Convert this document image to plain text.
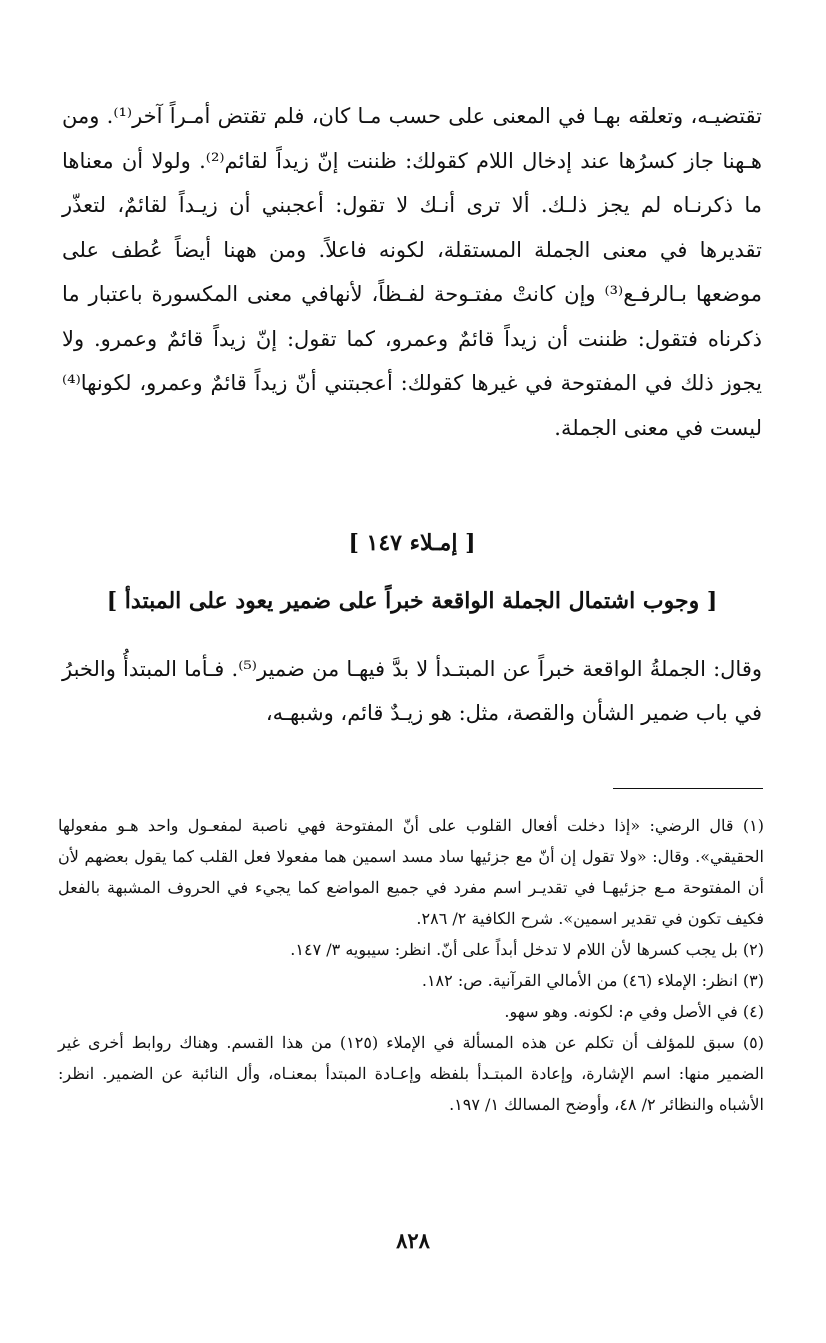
تقتضيـه، وتعلقه بهـا في المعنى على حسب مـا كان، فلم تقتض أمـراً آخر⁽¹⁾. ومن هـهنا جاز كسرُها عند إدخال اللام كقولك: ظننت إنّ زيداً لقائم⁽²⁾. ولولا أن معناها ما ذكرنـاه لم يجز ذلـك. ألا ترى أنـك لا تقول: أعجبني أن زيـداً لقائمٌ، لتعذّر تقديرها في معنى الجملة المستقلة، لكونه فاعلاً. ومن ههنا أيضاً عُطف على موضعها بـالرفـع⁽³⁾ وإن كانتْ مفتـوحة لفـظاً، لأنهافي معنى المكسورة باعتبار ما ذكرناه فتقول: ظننت أن زيداً قائمٌ وعمرو، كما تقول: إنّ زيداً قائمٌ وعمرو. ولا يجوز ذلك في المفتوحة في غيرها كقولك: أعجبتني أنّ زيداً قائمٌ وعمرو، لكونها⁽⁴⁾ ليست في معنى الجملة.

[ إمـلاء ١٤٧ ]
[ وجوب اشتمال الجملة الواقعة خبراً على ضمير يعود على المبتدأ ]

وقال: الجملةُ الواقعة خبراً عن المبتـدأ لا بدَّ فيهـا من ضمير⁽⁵⁾. فـأما المبتدأُ والخبرُ في باب ضمير الشأن والقصة، مثل: هو زيـدٌ قائم، وشبهـه،

(١) قال الرضي: «إذا دخلت أفعال القلوب على أنّ المفتوحة فهي ناصبة لمفعـول واحد هـو مفعولها الحقيقي». وقال: «ولا تقول إن أنّ مع جزئيها ساد مسد اسمين هما مفعولا فعل القلب كما يقول بعضهم لأن أن المفتوحة مـع جزئيهـا في تقديـر اسم مفرد في جميع المواضع كما يجيء في الحروف المشبهة بالفعل فكيف تكون في تقدير اسمين». شرح الكافية ٢/ ٢٨٦.

(٢) بل يجب كسرها لأن اللام لا تدخل أبداً على أنّ. انظر: سيبويه ٣/ ١٤٧.

(٣) انظر: الإملاء (٤٦) من الأمالي القرآنية. ص: ١٨٢.

(٤) في الأصل وفي م: لكونه. وهو سهو.

(٥) سبق للمؤلف أن تكلم عن هذه المسألة في الإملاء (١٢٥) من هذا القسم. وهناك روابط أخرى غير الضمير منها: اسم الإشارة، وإعادة المبتـدأ بلفظه وإعـادة المبتدأ بمعنـاه، وأل النائبة عن الضمير. انظر: الأشباه والنظائر ٢/ ٤٨، وأوضح المسالك ١/ ١٩٧.

٨٢٨
